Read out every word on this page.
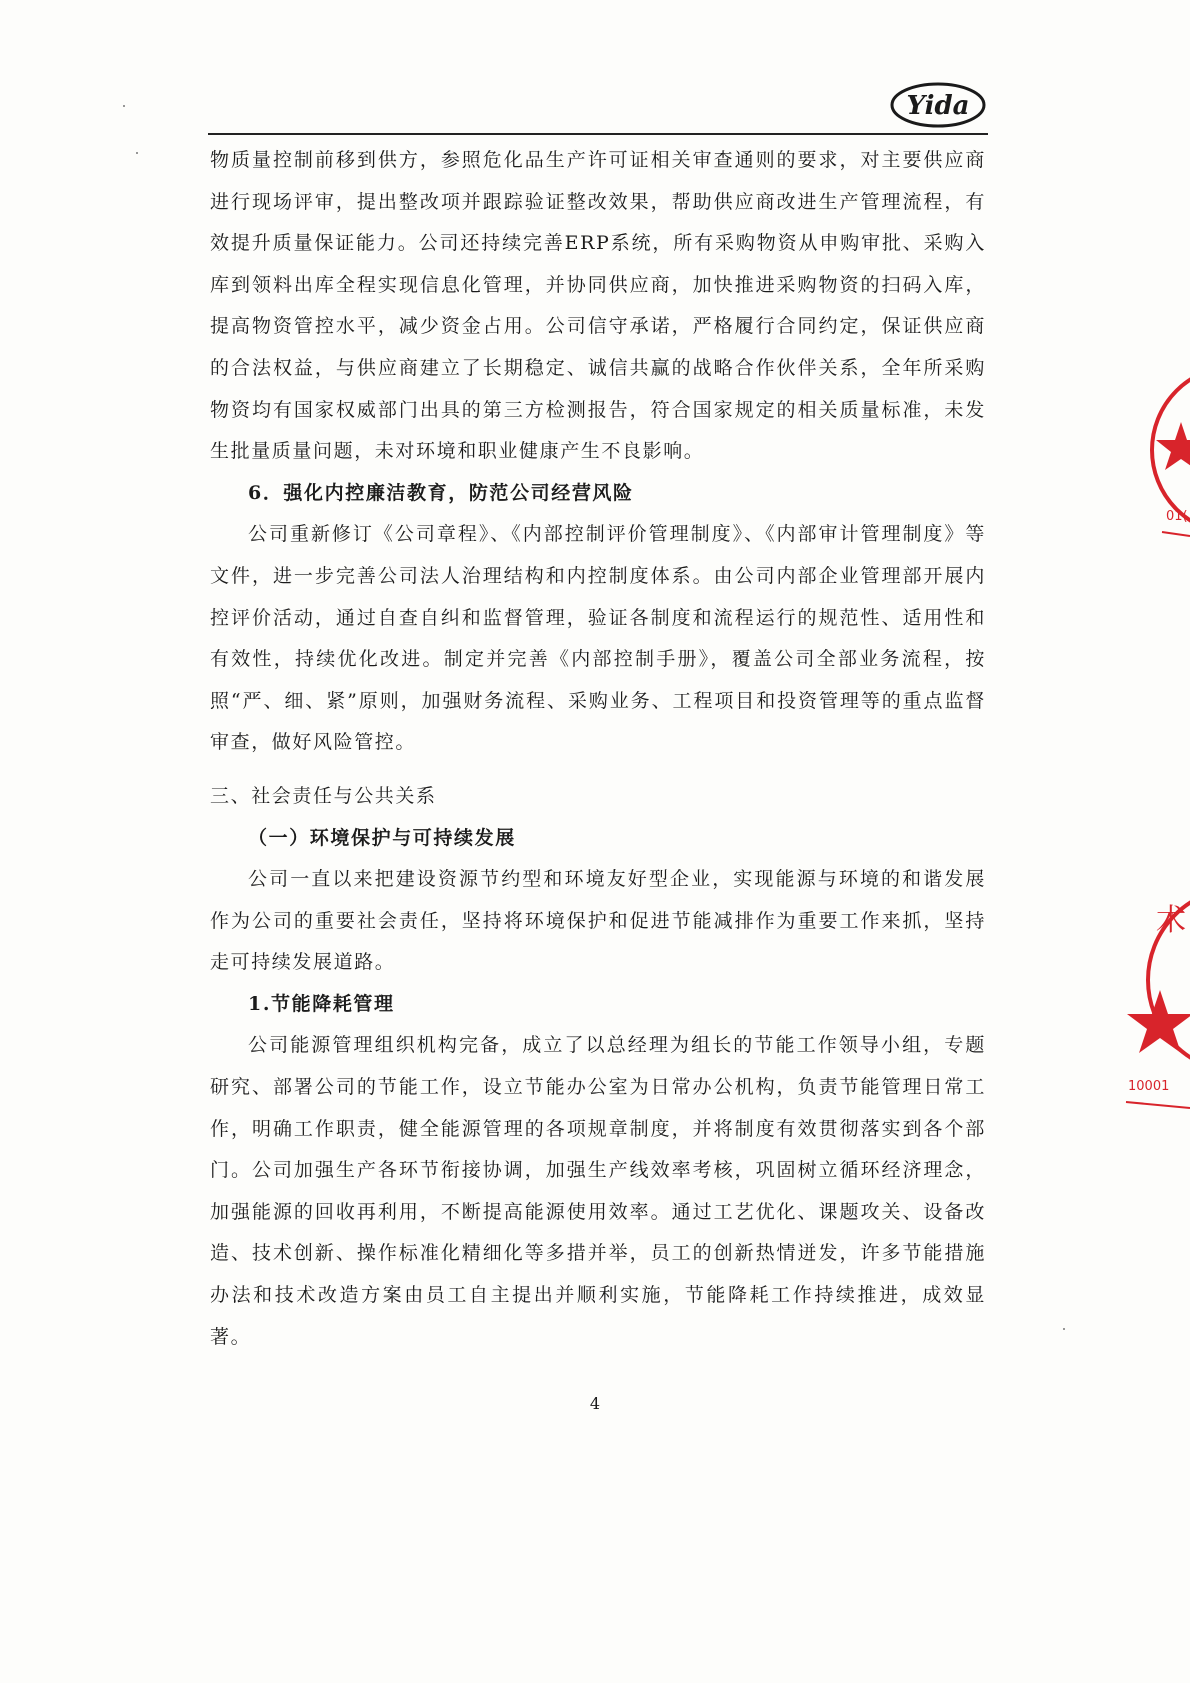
Yida

物质量控制前移到供方，参照危化品生产许可证相关审查通则的要求，对主要供应商进行现场评审，提出整改项并跟踪验证整改效果，帮助供应商改进生产管理流程，有效提升质量保证能力。公司还持续完善ERP系统，所有采购物资从申购审批、采购入库到领料出库全程实现信息化管理，并协同供应商，加快推进采购物资的扫码入库，提高物资管控水平，减少资金占用。公司信守承诺，严格履行合同约定，保证供应商的合法权益，与供应商建立了长期稳定、诚信共赢的战略合作伙伴关系，全年所采购物资均有国家权威部门出具的第三方检测报告，符合国家规定的相关质量标准，未发生批量质量问题，未对环境和职业健康产生不良影响。

6．强化内控廉洁教育，防范公司经营风险

公司重新修订《公司章程》、《内部控制评价管理制度》、《内部审计管理制度》等文件，进一步完善公司法人治理结构和内控制度体系。由公司内部企业管理部开展内控评价活动，通过自查自纠和监督管理，验证各制度和流程运行的规范性、适用性和有效性，持续优化改进。制定并完善《内部控制手册》，覆盖公司全部业务流程，按照“严、细、紧”原则，加强财务流程、采购业务、工程项目和投资管理等的重点监督审查，做好风险管控。

三、社会责任与公共关系

（一）环境保护与可持续发展

公司一直以来把建设资源节约型和环境友好型企业，实现能源与环境的和谐发展作为公司的重要社会责任，坚持将环境保护和促进节能减排作为重要工作来抓，坚持走可持续发展道路。

1.节能降耗管理

公司能源管理组织机构完备，成立了以总经理为组长的节能工作领导小组，专题研究、部署公司的节能工作，设立节能办公室为日常办公机构，负责节能管理日常工作，明确工作职责，健全能源管理的各项规章制度，并将制度有效贯彻落实到各个部门。公司加强生产各环节衔接协调，加强生产线效率考核，巩固树立循环经济理念，加强能源的回收再利用，不断提高能源使用效率。通过工艺优化、课题攻关、设备改造、技术创新、操作标准化精细化等多措并举，员工的创新热情迸发，许多节能措施办法和技术改造方案由员工自主提出并顺利实施，节能降耗工作持续推进，成效显著。

4
01(
术
10001
